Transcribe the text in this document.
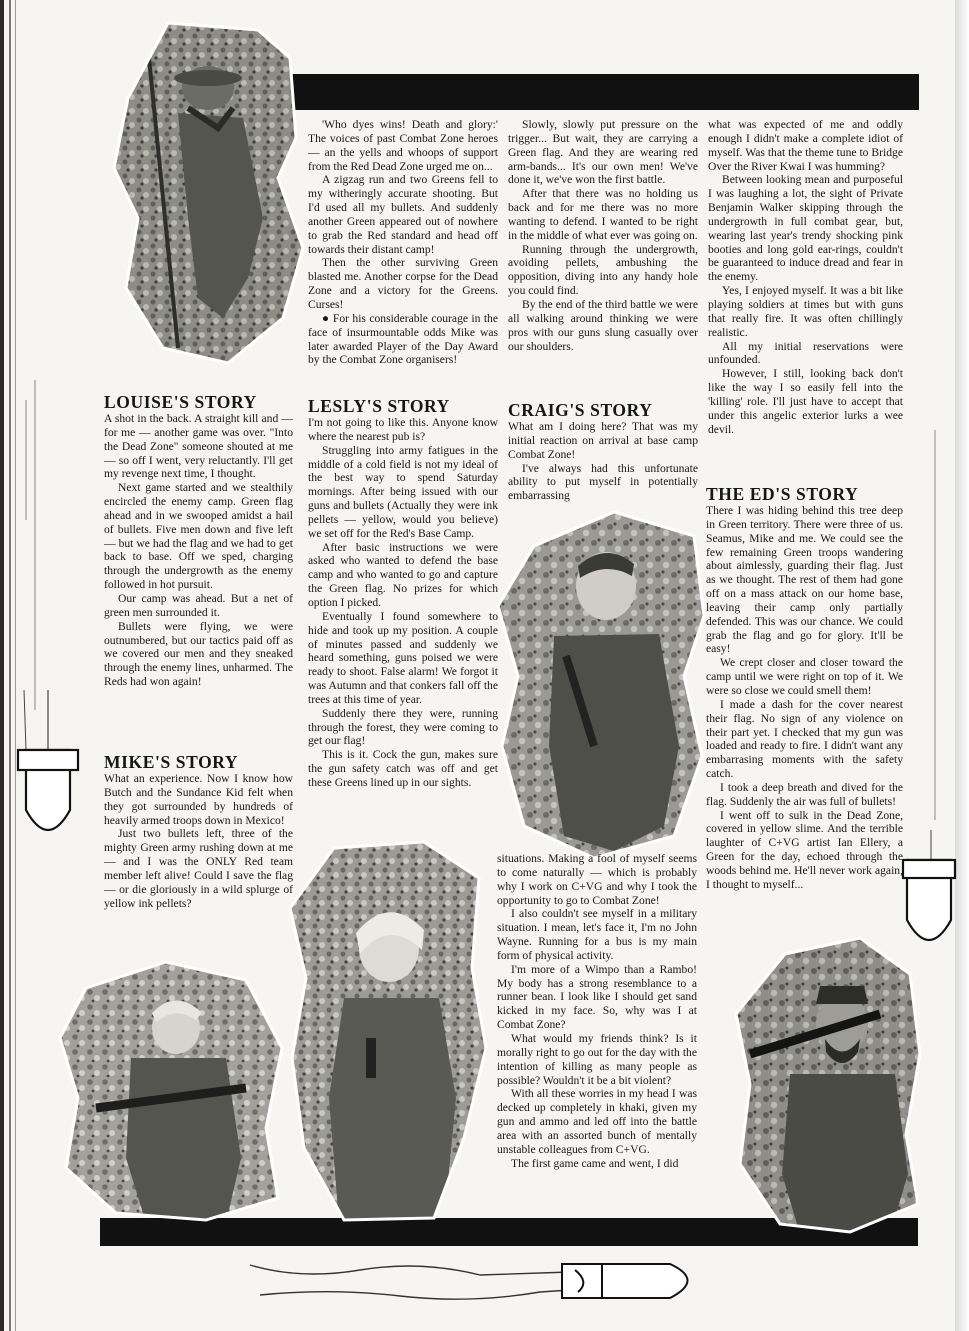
LOUISE'S STORY

A shot in the back. A straight kill and — for me — another game was over. "Into the Dead Zone" someone shouted at me — so off I went, very reluctantly. I'll get my revenge next time, I thought.

Next game started and we stealthily encircled the enemy camp. Green flag ahead and in we swooped amidst a hail of bullets. Five men down and five left — but we had the flag and we had to get back to base. Off we sped, charging through the undergrowth as the enemy followed in hot pursuit.

Our camp was ahead. But a net of green men surrounded it.

Bullets were flying, we were outnumbered, but our tactics paid off as we covered our men and they sneaked through the enemy lines, unharmed. The Reds had won again!

MIKE'S STORY

What an experience. Now I know how Butch and the Sundance Kid felt when they got surrounded by hundreds of heavily armed troops down in Mexico!

Just two bullets left, three of the mighty Green army rushing down at me — and I was the ONLY Red team member left alive! Could I save the flag — or die gloriously in a wild splurge of yellow ink pellets?

'Who dyes wins! Death and glory:' The voices of past Combat Zone heroes — an the yells and whoops of support from the Red Dead Zone urged me on...

A zigzag run and two Greens fell to my witheringly accurate shooting. But I'd used all my bullets. And suddenly another Green appeared out of nowhere to grab the Red standard and head off towards their distant camp!

Then the other surviving Green blasted me. Another corpse for the Dead Zone and a victory for the Greens. Curses!

● For his considerable courage in the face of insurmountable odds Mike was later awarded Player of the Day Award by the Combat Zone organisers!

LESLY'S STORY

I'm not going to like this. Anyone know where the nearest pub is?

Struggling into army fatigues in the middle of a cold field is not my ideal of the best way to spend Saturday mornings. After being issued with our guns and bullets (Actually they were ink pellets — yellow, would you believe) we set off for the Red's Base Camp.

After basic instructions we were asked who wanted to defend the base camp and who wanted to go and capture the Green flag. No prizes for which option I picked.

Eventually I found somewhere to hide and took up my position. A couple of minutes passed and suddenly we heard something, guns poised we were ready to shoot. False alarm! We forgot it was Autumn and that conkers fall off the trees at this time of year.

Suddenly there they were, running through the forest, they were coming to get our flag!

This is it. Cock the gun, makes sure the gun safety catch was off and get these Greens lined up in our sights.

Slowly, slowly put pressure on the trigger... But wait, they are carrying a Green flag. And they are wearing red arm-bands... It's our own men! We've done it, we've won the first battle.

After that there was no holding us back and for me there was no more wanting to defend. I wanted to be right in the middle of what ever was going on.

Running through the undergrowth, avoiding pellets, ambushing the opposition, diving into any handy hole you could find.

By the end of the third battle we were all walking around thinking we were pros with our guns slung casually over our shoulders.

CRAIG'S STORY

What am I doing here? That was my initial reaction on arrival at base camp Combat Zone!

I've always had this unfortunate ability to put myself in potentially embarrassing

situations. Making a fool of myself seems to come naturally — which is probably why I work on C+VG and why I took the opportunity to go to Combat Zone!

I also couldn't see myself in a military situation. I mean, let's face it, I'm no John Wayne. Running for a bus is my main form of physical activity.

I'm more of a Wimpo than a Rambo! My body has a strong resemblance to a runner bean. I look like I should get sand kicked in my face. So, why was I at Combat Zone?

What would my friends think? Is it morally right to go out for the day with the intention of killing as many people as possible? Wouldn't it be a bit violent?

With all these worries in my head I was decked up completely in khaki, given my gun and ammo and led off into the battle area with an assorted bunch of mentally unstable colleagues from C+VG.

The first game came and went, I did

what was expected of me and oddly enough I didn't make a complete idiot of myself. Was that the theme tune to Bridge Over the River Kwai I was humming?

Between looking mean and purposeful I was laughing a lot, the sight of Private Benjamin Walker skipping through the undergrowth in full combat gear, but, wearing last year's trendy shocking pink booties and long gold ear-rings, couldn't be guaranteed to induce dread and fear in the enemy.

Yes, I enjoyed myself. It was a bit like playing soldiers at times but with guns that really fire. It was often chillingly realistic.

All my initial reservations were unfounded.

However, I still, looking back don't like the way I so easily fell into the 'killing' role. I'll just have to accept that under this angelic exterior lurks a wee devil.

THE ED'S STORY

There I was hiding behind this tree deep in Green territory. There were three of us. Seamus, Mike and me. We could see the few remaining Green troops wandering about aimlessly, guarding their flag. Just as we thought. The rest of them had gone off on a mass attack on our home base, leaving their camp only partially defended. This was our chance. We could grab the flag and go for glory. It'll be easy!

We crept closer and closer toward the camp until we were right on top of it. We were so close we could smell them!

I made a dash for the cover nearest their flag. No sign of any violence on their part yet. I checked that my gun was loaded and ready to fire. I didn't want any embarrasing moments with the safety catch.

I took a deep breath and dived for the flag. Suddenly the air was full of bullets!

I went off to sulk in the Dead Zone, covered in yellow slime. And the terrible laughter of C+VG artist Ian Ellery, a Green for the day, echoed through the woods behind me. He'll never work again, I thought to myself...
